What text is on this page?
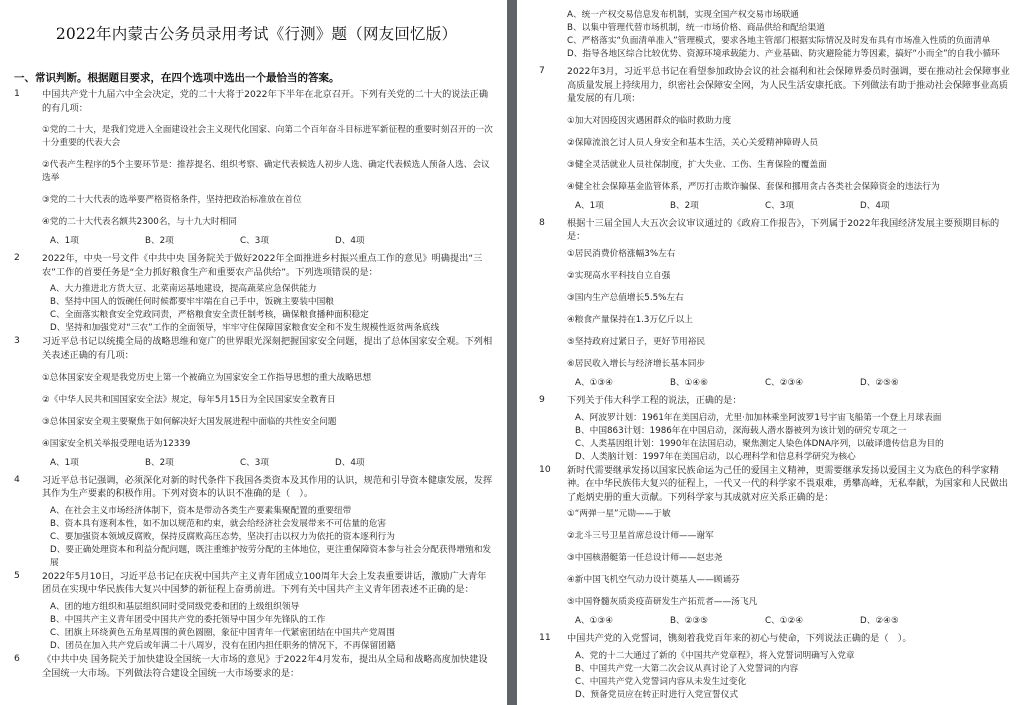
2022年内蒙古公务员录用考试《行测》题（网友回忆版）
一、常识判断。根据题目要求，在四个选项中选出一个最恰当的答案。
1 中国共产党十九届六中全会决定，党的二十大将于2022年下半年在北京召开。下列有关党的二十大的说法正确的有几项：

①党的二十大，是我们党进入全面建设社会主义现代化国家、向第二个百年奋斗目标进军新征程的重要时刻召开的一次十分重要的代表大会

②代表产生程序的5个主要环节是：推荐提名、组织考察、确定代表候选人初步人选、确定代表候选人预备人选、会议选举

③党的二十大代表的选举要严格资格条件，坚持把政治标准放在首位

④党的二十大代表名额共2300名，与十九大时相同

A、1项	B、2项	C、3项	D、4项
2 2022年，中央一号文件《中共中央 国务院关于做好2022年全面推进乡村振兴重点工作的意见》明确提出“三农”工作的首要任务是“全力抓好粮食生产和重要农产品供给”。下列选项错误的是：

A、大力推进北方货大豆、北菜南运基地建设，提高蔬菜应急保供能力

B、坚持中国人的饭碗任何时候都要牢牢端在自己手中，饭碗主要装中国粮

C、全面落实粮食安全党政同责，严格粮食安全责任制考核，确保粮食播种面积稳定

D、坚持和加强党对“三农”工作的全面领导，牢牢守住保障国家粮食安全和不发生规模性返贫两条底线

3 习近平总书记以统揽全局的战略思维和宽广的世界眼光深刻把握国家安全问题，提出了总体国家安全观。下列相关表述正确的有几项：

①总体国家安全观是我党历史上第一个被确立为国家安全工作指导思想的重大战略思想

②《中华人民共和国国家安全法》规定，每年5月15日为全民国家安全教育日

③总体国家安全观主要聚焦于如何解决好大国发展进程中面临的共性安全问题

④国家安全机关举报受理电话为12339

A、1项	B、2项	C、3项	D、4项
4 习近平总书记强调，必须深化对新的时代条件下我国各类资本及其作用的认识，规范和引导资本健康发展，发挥其作为生产要素的积极作用。下列对资本的认识不准确的是（　）。

A、在社会主义市场经济体制下，资本是带动各类生产要素集聚配置的重要纽带

B、资本具有逐利本性，如不加以规范和约束，就会给经济社会发展带来不可估量的危害

C、要加强资本领域反腐败，保持反腐败高压态势，坚决打击以权力为依托的资本逐利行为

D、要正确处理资本和利益分配问题，既注重维护按劳分配的主体地位，更注重保障资本参与社会分配获得增殖和发展

5 2022年5月10日，习近平总书记在庆祝中国共产主义青年团成立100周年大会上发表重要讲话，激励广大青年团员在实现中华民族伟大复兴中国梦的新征程上奋勇前进。下列有关中国共产主义青年团表述不正确的是：

A、团的地方组织和基层组织同时受同级党委和团的上级组织领导

B、中国共产主义青年团受中国共产党的委托领导中国少年先锋队的工作

C、团旗上环绕黄色五角星周围的黄色圆圈，象征中国青年一代紧密团结在中国共产党周围

D、团员在加入共产党后或年满二十八周岁，没有在团内担任职务的情况下，不再保留团籍

6 《中共中央 国务院关于加快建设全国统一大市场的意见》于2022年4月发布，提出从全局和战略高度加快建设全国统一大市场。下列做法符合建设全国统一大市场要求的是：

A、统一产权交易信息发布机制，实现全国产权交易市场联通

B、以集中管理代替市场机制，统一市场价格、商品供给和配给渠道

C、严格落实“负面清单准入”管理模式，要求各地主管部门根据实际情况及时发布具有市场准入性质的负面清单

D、指导各地区综合比较优势、资源环境承载能力、产业基础、防灾避险能力等因素，搞好“小而全”的自我小循环

7 2022年3月，习近平总书记在看望参加政协会议的社会福利和社会保障界委员时强调，要在推动社会保障事业高质量发展上持续用力，织密社会保障安全网，为人民生活安康托底。下列做法有助于推动社会保障事业高质量发展的有几项：

①加大对因疫因灾遇困群众的临时救助力度

②保障流浪乞讨人员人身安全和基本生活，关心关爱精神障碍人员

③健全灵活就业人员社保制度，扩大失业、工伤、生育保险的覆盖面

④健全社会保障基金监管体系，严厉打击欺诈骗保、套保和挪用贪占各类社会保障资金的违法行为

A、1项	B、2项	C、3项	D、4项
8 根据十三届全国人大五次会议审议通过的《政府工作报告》，下列属于2022年我国经济发展主要预期目标的是：

①居民消费价格涨幅3%左右

②实现高水平科技自立自强

③国内生产总值增长5.5%左右

④粮食产量保持在1.3万亿斤以上

⑤坚持政府过紧日子，更好节用裕民

⑥居民收入增长与经济增长基本同步

A、①③④	B、①④⑥	C、②③④	D、②⑤⑥
9 下列关于伟大科学工程的说法，正确的是：

A、阿波罗计划：1961年在美国启动，尤里·加加林乘坐阿波罗1号宇宙飞船第一个登上月球表面

B、中国863计划：1986年在中国启动，深海载人潜水器被列为该计划的研究专项之一

C、人类基因组计划：1990年在法国启动，聚焦测定人染色体DNA序列，以破译遗传信息为目的

D、人类脑计划：1997年在美国启动，以心理科学和信息科学研究为核心

10 新时代需要继承发扬以国家民族命运为己任的爱国主义精神，更需要继承发扬以爱国主义为底色的科学家精神。在中华民族伟大复兴的征程上，一代又一代的科学家不畏艰难，勇攀高峰，无私奉献，为国家和人民做出了彪炳史册的重大贡献。下列科学家与其成就对应关系正确的是：

①“两弹一星”元勋——于敏

②北斗三号卫星首席总设计师——谢军

③中国核潜艇第一任总设计师——赵忠尧

④新中国飞机空气动力设计奠基人——顾诵芬

⑤中国脊髓灰质炎疫苗研发生产拓荒者——汤飞凡

A、①③④	B、②③⑤	C、①②④	D、②④⑤
11 中国共产党的入党誓词，镌刻着我党百年来的初心与使命，下列说法正确的是（　）。

A、党的十二大通过了新的《中国共产党章程》，将入党誓词明确写入党章

B、中国共产党一大第二次会议从真讨论了入党誓词的内容

C、中国共产党入党誓词内容从未发生过变化

D、预备党员应在转正时进行入党宣誓仪式
